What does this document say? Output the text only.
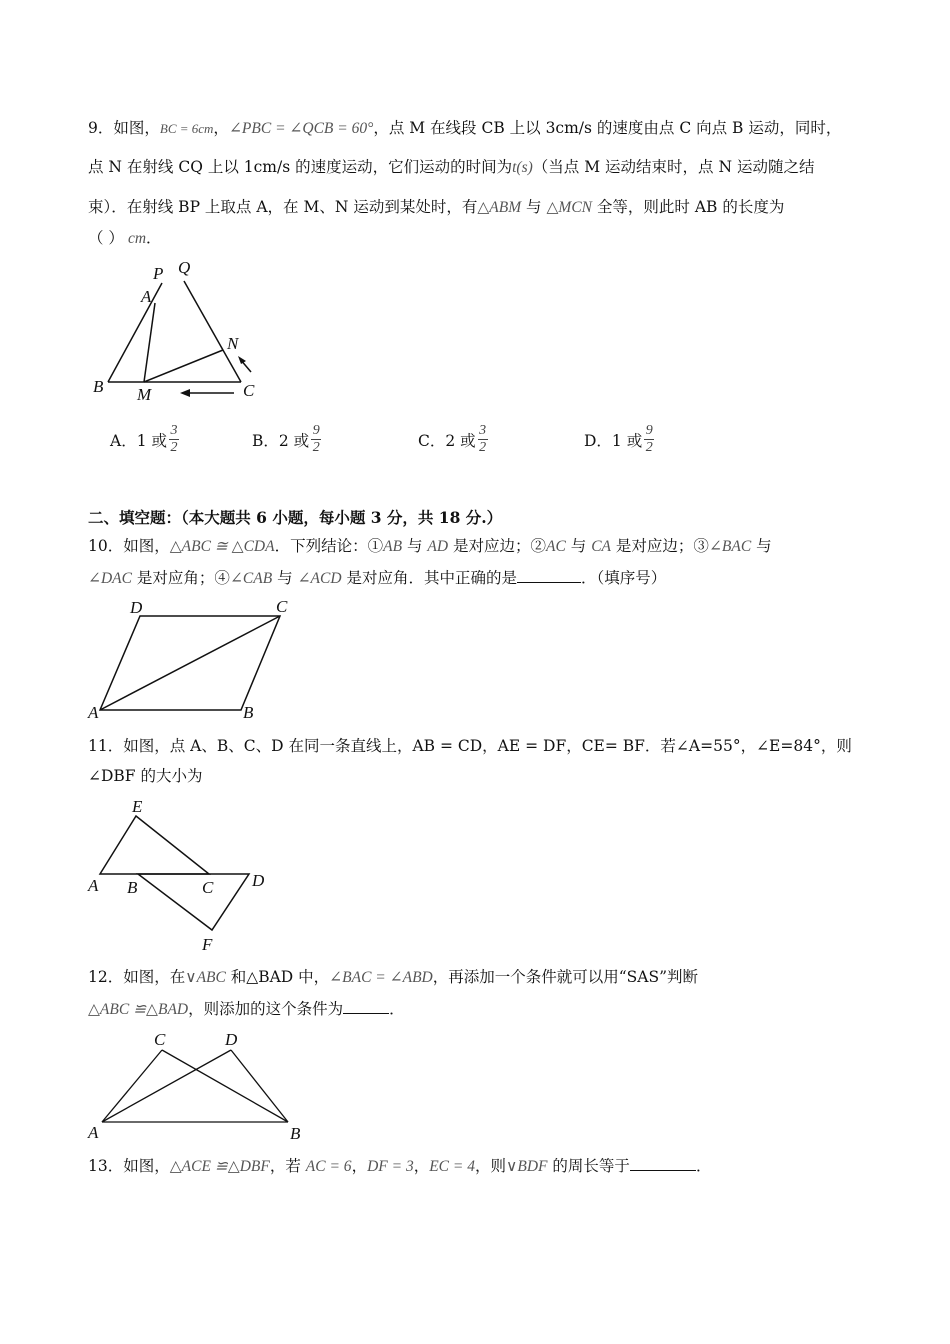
9．如图，BC = 6cm，∠PBC = ∠QCB = 60°，点 M 在线段 CB 上以 3cm/s 的速度由点 C 向点 B 运动，同时，
点 N 在射线 CQ 上以 1cm/s 的速度运动，它们运动的时间为t(s)（当点 M 运动结束时，点 N 运动随之结
束）．在射线 BP 上取点 A，在 M、N 运动到某处时，有△ABM 与 △MCN 全等，则此时 AB 的长度为
（ ） cm．
P Q
A
N
B M	C
A．1 或 $\frac{3}{2}$	B．2 或 $\frac{9}{2}$	C．2 或 $\frac{3}{2}$	D．1 或 $\frac{9}{2}$
二、填空题：（本大题共 6 小题，每小题 3 分，共 18 分.）
10．如图，△ABC ≅ △CDA．下列结论：①AB 与 AD 是对应边；②AC 与 CA 是对应边；③∠BAC 与
∠DAC 是对应角；④∠CAB 与 ∠ACD 是对应角．其中正确的是	．（填序号）
D	C
A	B
11．如图，点 A、B、C、D 在同一条直线上，AB = CD，AE = DF，CE= BF．若∠A=55°，∠E=84°，则
∠DBF 的大小为
E
A B	C D
F
12．如图，在∨ABC 和△BAD 中，∠BAC = ∠ABD，再添加一个条件就可以用“SAS”判断
△ABC ≌△BAD，则添加的这个条件为	．
C	D
A	B
13．如图，△ACE ≌△DBF，若 AC = 6，DF = 3，EC = 4，则∨BDF 的周长等于	．
